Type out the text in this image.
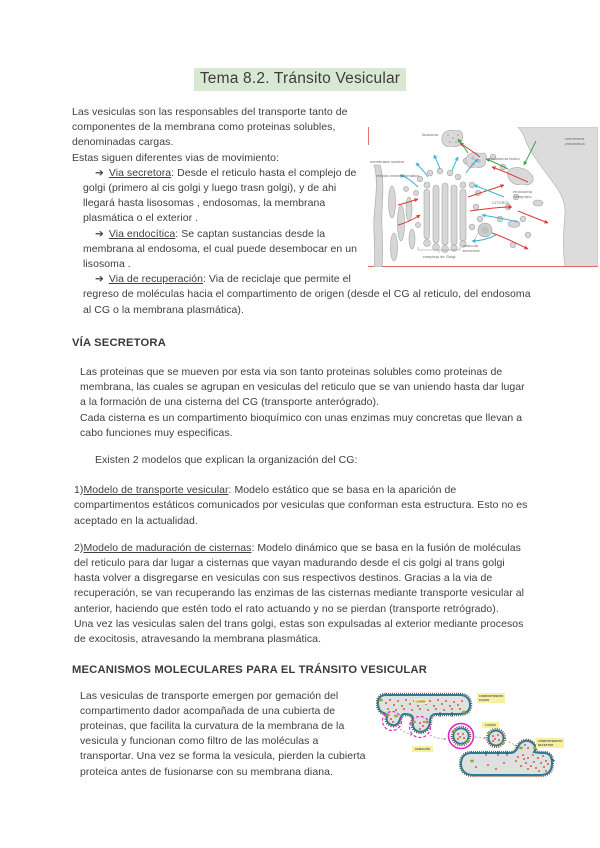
Tema 8.2. Tránsito Vesicular
lisosoma
endosoma tardío
membrana plasmática
membrana nuclear
retículo endoplasmático
endosoma temprano
CITOSOL
complejo de Golgi
vesícula secretora

Las vesiculas son las responsables del transporte tanto de componentes de la membrana como proteinas solubles, denominadas cargas.

Estas siguen diferentes vias de movimiento:

➔ Via secretora: Desde el reticulo hasta el complejo de golgi (primero al cis golgi y luego trasn golgi), y de ahi llegará hasta lisosomas , endosomas, la membrana plasmática o el exterior .
➔ Via endocítica: Se captan sustancias desde la membrana al endosoma, el cual puede desembocar en un lisosoma .
➔ Via de recuperación: Via de reciclaje que permite el regreso de moléculas hacia el compartimento de origen (desde el CG al reticulo, del endosoma al CG o la membrana plasmática).
VÍA SECRETORA

Las proteinas que se mueven por esta via son tanto proteinas solubles como proteinas de membrana, las cuales se agrupan en vesiculas del reticulo que se van uniendo hasta dar lugar a la formación de una cisterna del CG (transporte anterógrado).

Cada cisterna es un compartimento bioquímico con unas enzimas muy concretas que llevan a cabo funciones muy especificas.

Existen 2 modelos que explican la organización del CG:

1)Modelo de transporte vesicular: Modelo estático que se basa en la aparición de compartimentos estáticos comunicados por vesiculas que conforman esta estructura. Esto no es aceptado en la actualidad.
2)Modelo de maduración de cisternas: Modelo dinámico que se basa en la fusión de moléculas del reticulo para dar lugar a cisternas que vayan madurando desde el cis golgi al trans golgi hasta volver a disgregarse en vesiculas con sus respectivos destinos. Gracias a la via de recuperación, se van recuperando las enzimas de las cisternas mediante transporte vesicular al anterior, haciendo que estén todo el rato actuando y no se pierdan (transporte retrógrado).
Una vez las vesiculas salen del trans golgi, estas son expulsadas al exterior mediante procesos de exocitosis, atravesando la membrana plasmática.
MECANISMOS MOLECULARES PARA EL TRÁNSITO VESICULAR
LUMEN
COMPARTIMENTO DADOR
GEMACIÓN
FUSIÓN
COMPARTIMENTO RECEPTOR

Las vesiculas de transporte emergen por gemación del compartimento dador acompañada de una cubierta de proteinas, que facilita la curvatura de la membrana de la vesicula y funcionan como filtro de las moléculas a transportar. Una vez se forma la vesicula, pierden la cubierta proteica antes de fusionarse con su membrana diana.
